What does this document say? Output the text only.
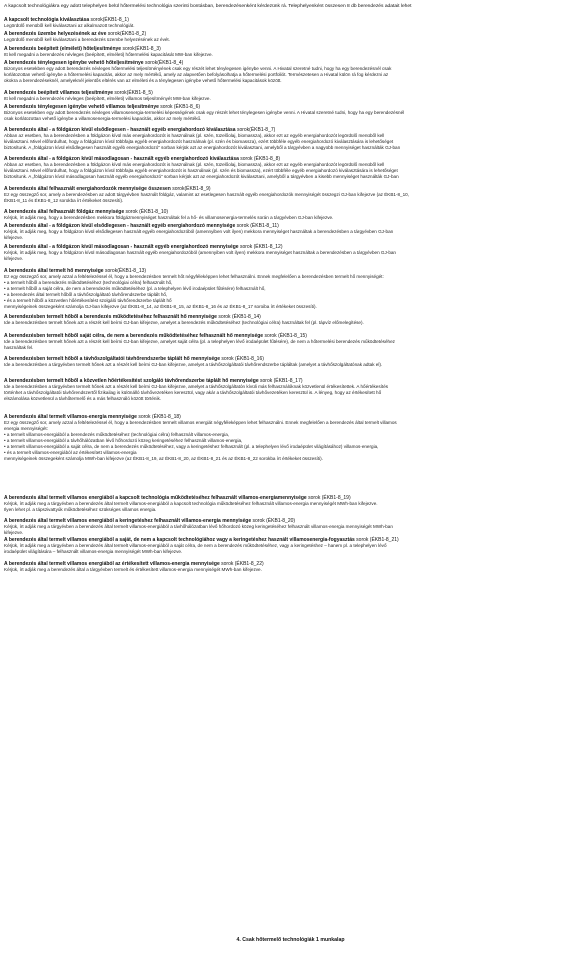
A kapcsolt technológiákra egy adott telephelyen belül hőtermelési technológia szerinti bontásban, berendezésenként kérdezünk rá. Telephelyenként összesen 8 db berendezés adatait lehet
A kapcsolt technológia kiválasztása sorok(ÉKB1-8_1)
Legördülő menüből kell kiválasztani az alkalmazott technológiát.
A berendezés üzembe helyezésének az éve sorok(ÉKB1-8_2)
Legördülő menüből kell kiválasztani a berendezés üzembe helyezésének az évét.
A berendezés beépített (elméleti) hőteljesítménye sorok(ÉKB1-8_3)
Itt kell megadni a berendezés névleges (beépített, elméleti) hőtermelési kapacitását MW-ban kifejezve.
A berendezés ténylegesen igénybe vehető hőteljesítménye sorok(ÉKB1-8_4)
Bizonyos esetekben egy adott berendezés névleges hőtermelési teljesítményének csak egy részét lehet ténylegesen igénybe venni. A Hivatal szeretné tudni, hogy ha egy berendezésnél csak
korlátozottan vehető igénybe a hőtermelési kapacitás, akkor az mely mértékű, amely az alapvetően befolyásolhatja a hőtermelési portfoliót. Természetesen a Hivatal külön rá fog kérdezni az
okokra a berendezéseknél, amelyeknél jelentős eltérés van az elméleti és a ténylegesen igénybe vehető hőtermelési kapacitások között.
A berendezés beépített villamos teljesítménye sorok(ÉKB1-8_5)
Itt kell megadni a berendezés névleges (beépített, elméleti) villamos teljesítményét MW-ban kifejezve.
A berendezés ténylegesen igénybe vehető villamos teljesítménye sorok (ÉKB1-8_6)
Bizonyos esetekben egy adott berendezés névleges villamosenergia-termelési képességének csak egy részét lehet ténylegesen igénybe venni. A Hivatal szeretné tudni, hogy ha egy berendezésnél
csak korlátozottan vehető igénybe a villamosenergia-termelési kapacitás, akkor az mely mértékű.
A berendezés által - a földgázon kívül elsődlegesen - használt egyéb energiahordozó kiválasztása sorok(ÉKB1-8_7)
Abban az esetben, ha a berendezésben a földgázon kívül más energiahordozót is használnak (pl. szén, tüzelőolaj, biomassza), akkor ezt az egyéb energiahordozót legördülő menüből kell
kiválasztani. Mivel előfordulhat, hogy a földgázon kívül többfajta egyéb energiahordozót használnak (pl. szén és biomassza), ezért többféle egyéb energiahordozó kiválasztására is lehetőséget
biztosítunk. A „földgázon kívül elsődlegesen használt egyéb energiahordozó" sorban kérjük azt az energiahordozót kiválasztani, amelyből a tárgyévben a nagyobb mennyiséget használták GJ-ban
A berendezés által - a földgázon kívül másodlagosan - használt egyéb energiahordozó kiválasztása sorok (ÉKB1-8_8)
Abban az esetben, ha a berendezésben a földgázon kívül más energiahordozót is használnak (pl. szén, tüzelőolaj, biomassza), akkor ezt az egyéb energiahordozót legördülő menüből kell
kiválasztani. Mivel előfordulhat, hogy a földgázon kívül többfajta egyéb energiahordozót is használnak (pl. szén és biomassza), ezért többféle egyéb energiahordozó kiválasztására is lehetőséget
biztosítunk. A „földgázon kívül másodlagosan használt egyéb energiahordozó" sorban kérjük azt az energiahordozót kiválasztani, amelyből a tárgyévben a kisebb mennyiséget használták GJ-ban
A berendezés által felhasznált energiahordozók mennyisége összesen sorok(ÉKB1-8_9)
Ez egy összegző sor, amely a berendezésben az adott tárgyévben használt földgáz, valamint az esetlegesen használt egyéb energiahordozók mennyiségét összegzi GJ-ban kifejezve (az ÉKB1-8_10,
ÉKB1-8_11 és ÉKB1-8_12 sorokba írt értékeket összesíti).
A berendezés által felhasznált földgáz mennyisége sorok (ÉKB1-8_10)
Kérjük, írt adják meg, hogy a berendezésben mekkora földgázmennyiséget használtak fel a hő- és villamosenergia-termelés során a tárgyévben GJ-ban kifejezve.
A berendezés által - a földgázon kívül elsődlegesen - használt egyéb energiahordozó mennyisége sorok (ÉKB1-8_11)
Kérjük, írt adják meg, hogy a földgázon kívül elsődlegesen használt egyéb energiahordozóból (amennyiben volt ilyen) mekkora mennyiséget használtak a berendezésben a tárgyévben GJ-ban
kifejezve.
A berendezés által - a földgázon kívül másodlagosan - használt egyéb energiahordozó mennyisége sorok (ÉKB1-8_12)
Kérjük, írt adják meg, hogy a földgázon kívül másodlagosan használt egyéb energiahordozóból (amennyiben volt ilyen) mekkora mennyiséget használtak a berendezésben a tárgyévben GJ-ban
kifejezve.
A berendezés által termelt hő mennyisége sorok(ÉKB1-8_13)
Ez egy összegző sor, amely azzal a feltételezéssel él, hogy a berendezésben termelt hőt négyféleképpen lehet felhasználni. Ennek megfelelően a berendezésben termelt hő mennyiségét:
• a termelt hőből a berendezés működtetéséhez (technológiai célra) felhasznált hő,
• a termelt hőből a saját célra, de nem a berendezés működtetéséhez (pl. a telephelyen lévő irodaépület fűtésére) felhasznált hő,
• a berendezés által termelt hőből a távhőszolgáltató távhőrendszerbe táplált hő,
• és a termelt hőből a közvetlen hőértékesítést szolgáló távhőrendszerbe táplált hő
mennyiségeinek összegeként számolja GJ-ban kifejezve (az ÉKB1-8_14, az ÉKB1-8_15, az ÉKB1-8_16 és az ÉKB1-8_17 soroiba írt értékeket összesíti).
A berendezésben termelt hőből a berendezés működtetéséhez felhasznált hő mennyisége sorok (ÉKB1-8_14)
Ide a berendezésben termelt hőnek azt a részét kell beírni GJ-ban kifejezve, amelyet a berendezés működtetéséhez (technológiai célra) használtak fel (pl. tápvíz előmelegítése).
A berendezésben termelt hőből saját célra, de nem a berendezés működtetéséhez felhasznált hő mennyisége sorok (ÉKB1-8_15)
Ide a berendezésben termelt hőnek azt a részét kell beírni GJ-ban kifejezve, amelyet saját célra (pl. a telephelyen lévő irodaépület fűtésére), de nem a hőtermelési berendezés működtetéséhez
használtak fel.
A berendezésben termelt hőből a távhőszolgáltatói távhőrendszerbe táplált hő mennyisége sorok (ÉKB1-8_16)
Ide a berendezésben a tárgyévben termelt hőnek azt a részét kell beírni GJ-ban kifejezve, amelyet a távhőszolgáltatói távhőrendszerbe tápláltak (amelyet a távhőszolgáltatónak adtak el).
A berendezésben termelt hőből a közvetlen hőértékesítést szolgáló távhőrendszerbe táplált hő mennyisége sorok (ÉKB1-8_17)
Ide a berendezésben a tárgyévben termelt hőnek azt a részét kell beírni GJ-ban kifejezve, amelyet a távhőszolgáltatón kívüli más felhasználóknak közvetlenül értékesítettek. A hőértékesítés
történhet a távhőszolgáltatói távhőrendszertől fizikailag is különálló távhővezetéken keresztül, vagy akár a távhőszolgáltatói távhővezetéken keresztül is. A lényeg, hogy az értékesített hő
elszámolása közvetlenül a távhőtermelő és a más felhasználó között történik.
A berendezés által termelt villamos-energia mennyisége sorok (ÉKB1-8_18)
Ez egy összegző sor, amely azzal a feltételezéssel él, hogy a berendezésben termelt villamos energiát négyféleképpen lehet felhasználni. Ennek megfelelően a berendezés által termelt villamos
energia mennyiségét:
• a termelt villamos-energiából a berendezés működtetéséhez (technológiai célra) felhasznált villamos-energia,
• a termelt villamos-energiából a távhőhálózatban lévő hőhordozó közeg keringetéséhez felhasznált villamos-energia,
• a termelt villamos-energiából a saját célra, de nem a berendezés működtetéséhez, vagy a keringetéshez felhasznált (pl. a telephelyen lévő irodaépület világításához) villamos-energia,
• és a termelt villamos-energiából az értékesített villamos-energia
mennyiségeinek összegeként számolja MWh-ban kifejezve (az ÉKB1-8_19, az ÉKB1-8_20, az ÉKB1-8_21 és az ÉKB1-8_22 sorokba írt értékeket összesíti).
A berendezés által termelt villamos energiából a kapcsolt technológia működtetéséhez felhasznált villamos-energiamennyisége sorok (ÉKB1-8_19)
Kérjük, írt adják meg a tárgyévben a berendezés által termelt villamos-energiából a kapcsolt technológia működtetéséhez felhasznált villamos-energia mennyiségét MWh-ban kifejezve.
Ilyen lehet pl. a tápszivattyúk működtetéséhez szükséges villamos energia.
A berendezés által termelt villamos energiából a keringetéshez felhasznált villamos-energia mennyisége sorok (ÉKB1-8_20)
Kérjük, írt adják meg a tárgyévben a berendezés által termelt villamos-energiából a távhőhálózatban lévő hőhordozó közeg keringetéséhez felhasznált villamos-energia mennyiségét MWh-ban
kifejezve.
A berendezés által termelt villamos energiából a saját, de nem a kapcsolt technológiához vagy a keringetéshez használt villamosenergia-fogyasztás sorok (ÉKB1-8_21)
Kérjük, írt adják meg a tárgyévben a berendezés által termelt villamos-energiából a saját célra, de nem a berendezés működtetéséhez, vagy a keringetéshez – hanem pl. a telephelyen lévő
irodaépület világítására – felhasznált villamos-energia mennyiségét MWh-ban kifejezve.
A berendezés által termelt villamos energiából az értékesített villamos-energia mennyisége sorok (ÉKB1-8_22)
Kérjük, írt adják meg a berendezés által a tárgyévben termelt és értékesített villamos-energia mennyiségét MWh-ban kifejezve.
4. Csak hőtermelő technológiák 1 munkalap
